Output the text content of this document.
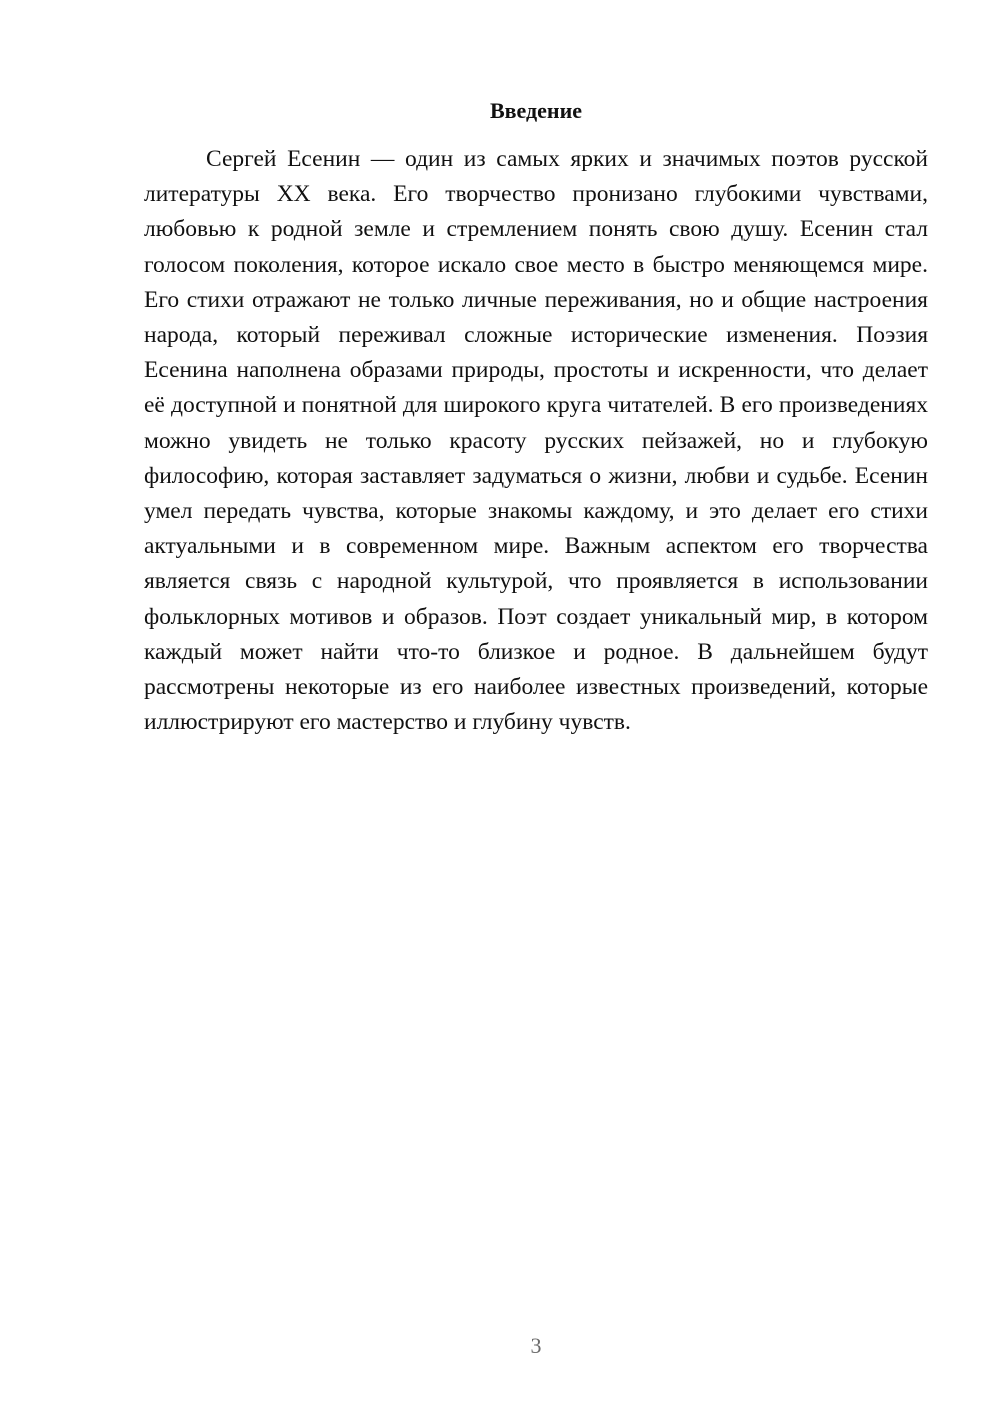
Введение

Сергей Есенин — один из самых ярких и значимых поэтов русской литературы XX века. Его творчество пронизано глубокими чувствами, любовью к родной земле и стремлением понять свою душу. Есенин стал голосом поколения, которое искало свое место в быстро меняющемся мире. Его стихи отражают не только личные переживания, но и общие настроения народа, который переживал сложные исторические изменения. Поэзия Есенина наполнена образами природы, простоты и искренности, что делает её доступной и понятной для широкого круга читателей. В его произведениях можно увидеть не только красоту русских пейзажей, но и глубокую философию, которая заставляет задуматься о жизни, любви и судьбе. Есенин умел передать чувства, которые знакомы каждому, и это делает его стихи актуальными и в современном мире. Важным аспектом его творчества является связь с народной культурой, что проявляется в использовании фольклорных мотивов и образов. Поэт создает уникальный мир, в котором каждый может найти что-то близкое и родное. В дальнейшем будут рассмотрены некоторые из его наиболее известных произведений, которые иллюстрируют его мастерство и глубину чувств.

3
